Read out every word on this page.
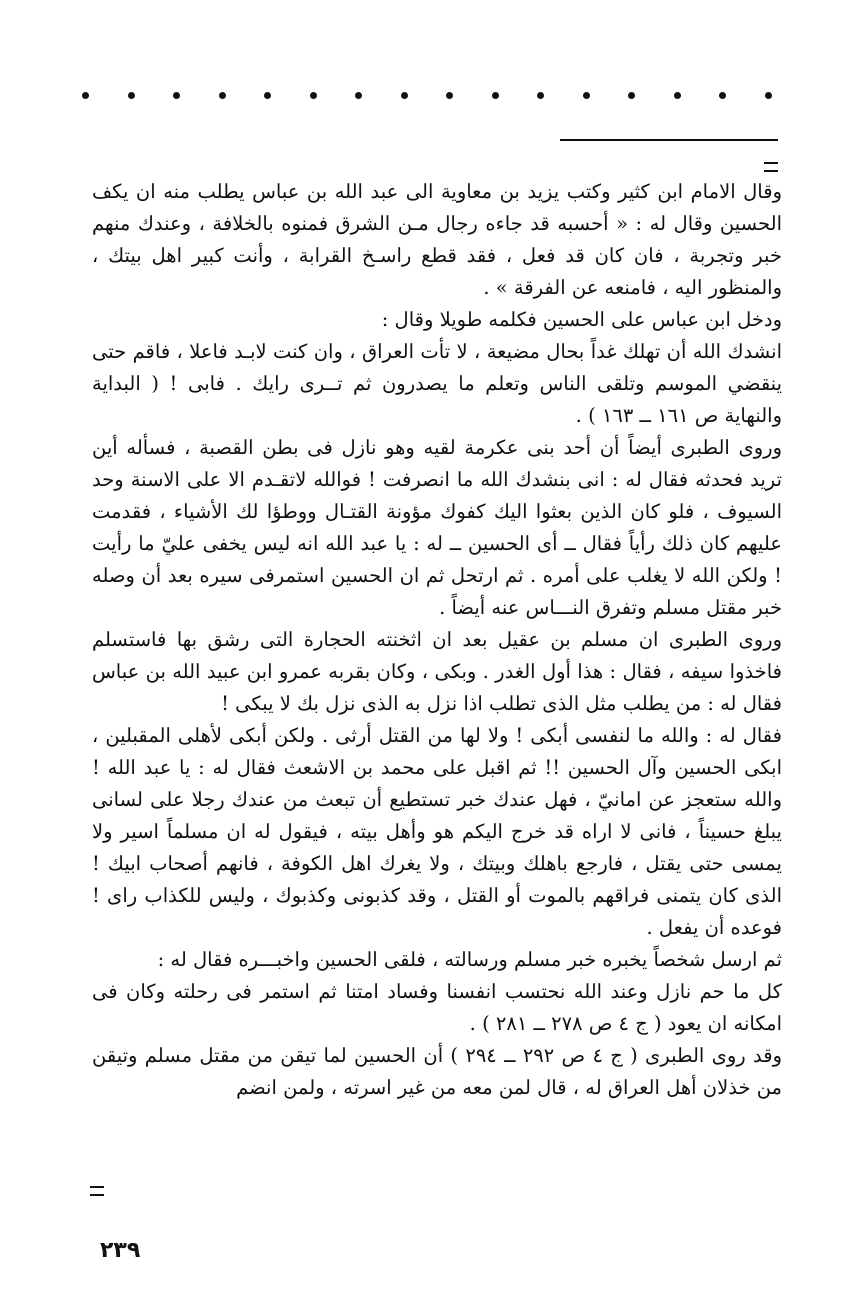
وقال الامام ابن كثير وكتب يزيد بن معاوية الى عبد الله بن عباس يطلب منه ان يكف الحسين وقال له : « أحسبه قد جاءه رجال مـن الشرق فمنوه بالخلافة ، وعندك منهم خبر وتجربة ، فان كان قد فعل ، فقد قطع راسـخ القرابة ، وأنت كبير اهل بيتك ، والمنظور اليه ، فامنعه عن الفرقة » .

ودخل ابن عباس على الحسين فكلمه طويلا وقال :

انشدك الله أن تهلك غداً بحال مضيعة ، لا تأت العراق ، وان كنت لابـد فاعلا ، فاقم حتى ينقضي الموسم وتلقى الناس وتعلم ما يصدرون ثم تــرى رايك . فابى ! ( البداية والنهاية ص ١٦١ ــ ١٦٣ ) .

وروى الطبرى أيضاً أن أحد بنى عكرمة لقيه وهو نازل فى بطن القصبة ، فسأله أين تريد فحدثه فقال له : انى بنشدك الله ما انصرفت ! فوالله لاتقـدم الا على الاسنة وحد السيوف ، فلو كان الذين بعثوا اليك كفوك مؤونة القتـال ووطؤا لك الأشياء ، فقدمت عليهم كان ذلك رأياً فقال ــ أى الحسين ــ له : يا عبد الله انه ليس يخفى عليّ ما رأيت ! ولكن الله لا يغلب على أمره . ثم ارتحل ثم ان الحسين استمرفى سيره بعد أن وصله خبر مقتل مسلم وتفرق النـــاس عنه أيضاً .

وروى الطبرى ان مسلم بن عقيل بعد ان اثخنته الحجارة التى رشق بها فاستسلم فاخذوا سيفه ، فقال : هذا أول الغدر . وبكى ، وكان بقربه عمرو ابن عبيد الله بن عباس فقال له : من يطلب مثل الذى تطلب اذا نزل به الذى نزل بك لا يبكى !

فقال له : والله ما لنفسى أبكى ! ولا لها من القتل أرثى . ولكن أبكى لأهلى المقبلين ، ابكى الحسين وآل الحسين !! ثم اقبل على محمد بن الاشعث فقال له : يا عبد الله ! والله ستعجز عن امانيّ ، فهل عندك خبر تستطيع أن تبعث من عندك رجلا على لسانى يبلغ حسيناً ، فانى لا اراه قد خرج اليكم هو وأهل بيته ، فيقول له ان مسلماً اسير ولا يمسى حتى يقتل ، فارجع باهلك وبيتك ، ولا يغرك اهل الكوفة ، فانهم أصحاب ابيك ! الذى كان يتمنى فراقهم بالموت أو القتل ، وقد كذبونى وكذبوك ، وليس للكذاب راى ! فوعده أن يفعل .

ثم ارسل شخصاً يخبره خبر مسلم ورسالته ، فلقى الحسين واخبـــره فقال له :

كل ما حم نازل وعند الله نحتسب انفسنا وفساد امتنا ثم استمر فى رحلته وكان فى امكانه ان يعود ( ج ٤ ص ٢٧٨ ــ ٢٨١ ) .

وقد روى الطبرى ( ج ٤ ص ٢٩٢ ــ ٢٩٤ ) أن الحسين لما تيقن من مقتل مسلم وتيقن من خذلان أهل العراق له ، قال لمن معه من غير اسرته ، ولمن انضم

٢٣٩
